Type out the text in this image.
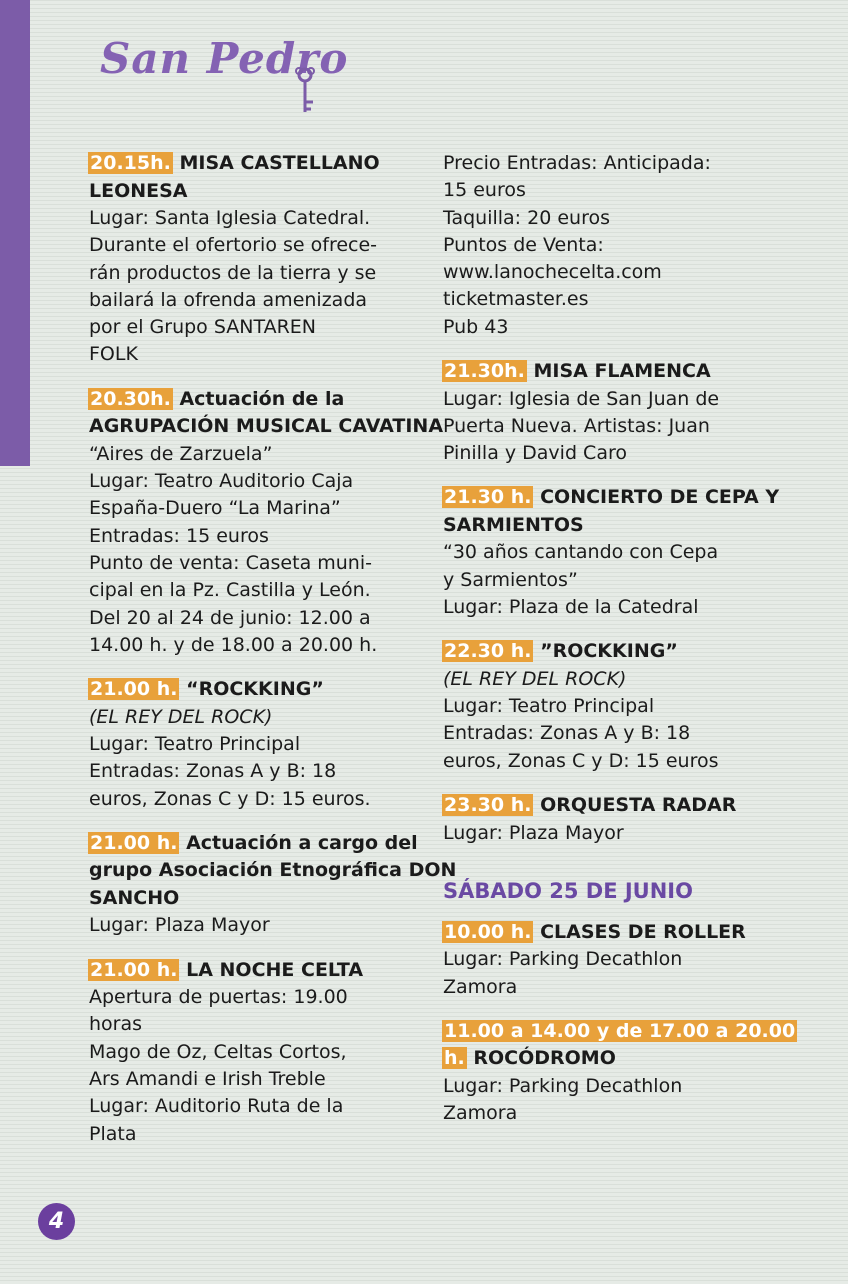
San Pedro
20.15h. MISA CASTELLANO LEONESA
Lugar: Santa Iglesia Catedral.
Durante el ofertorio se ofrece-
rán productos de la tierra y se
bailará la ofrenda amenizada
por el Grupo SANTAREN
FOLK
20.30h. Actuación de la AGRUPACIÓN MUSICAL CAVATINA
“Aires de Zarzuela”
Lugar: Teatro Auditorio Caja
España-Duero “La Marina”
Entradas: 15 euros
Punto de venta: Caseta muni-
cipal en la Pz. Castilla y León.
Del 20 al 24 de junio: 12.00 a
14.00 h. y de 18.00 a 20.00 h.
21.00 h. “ROCKKING”
(EL REY DEL ROCK)
Lugar: Teatro Principal
Entradas: Zonas A y B: 18
euros, Zonas C y D: 15 euros.
21.00 h. Actuación a cargo del grupo Asociación Etnográfica DON SANCHO
Lugar: Plaza Mayor
21.00 h. LA NOCHE CELTA
Apertura de puertas: 19.00
horas
Mago de Oz, Celtas Cortos,
Ars Amandi e Irish Treble
Lugar: Auditorio Ruta de la
Plata
Precio Entradas: Anticipada:
15 euros
Taquilla: 20 euros
Puntos de Venta:
www.lanochecelta.com
ticketmaster.es
Pub 43
21.30h. MISA FLAMENCA
Lugar: Iglesia de San Juan de
Puerta Nueva. Artistas: Juan
Pinilla y David Caro
21.30 h. CONCIERTO DE CEPA Y SARMIENTOS
“30 años cantando con Cepa
y Sarmientos”
Lugar: Plaza de la Catedral
22.30 h. ”ROCKKING”
(EL REY DEL ROCK)
Lugar: Teatro Principal
Entradas: Zonas A y B: 18
euros, Zonas C y D: 15 euros
23.30 h. ORQUESTA RADAR
Lugar: Plaza Mayor
SÁBADO 25 DE JUNIO
10.00 h. CLASES DE ROLLER
Lugar: Parking Decathlon
Zamora
11.00 a 14.00 y de 17.00 a 20.00 h. ROCÓDROMO
Lugar: Parking Decathlon
Zamora
4
